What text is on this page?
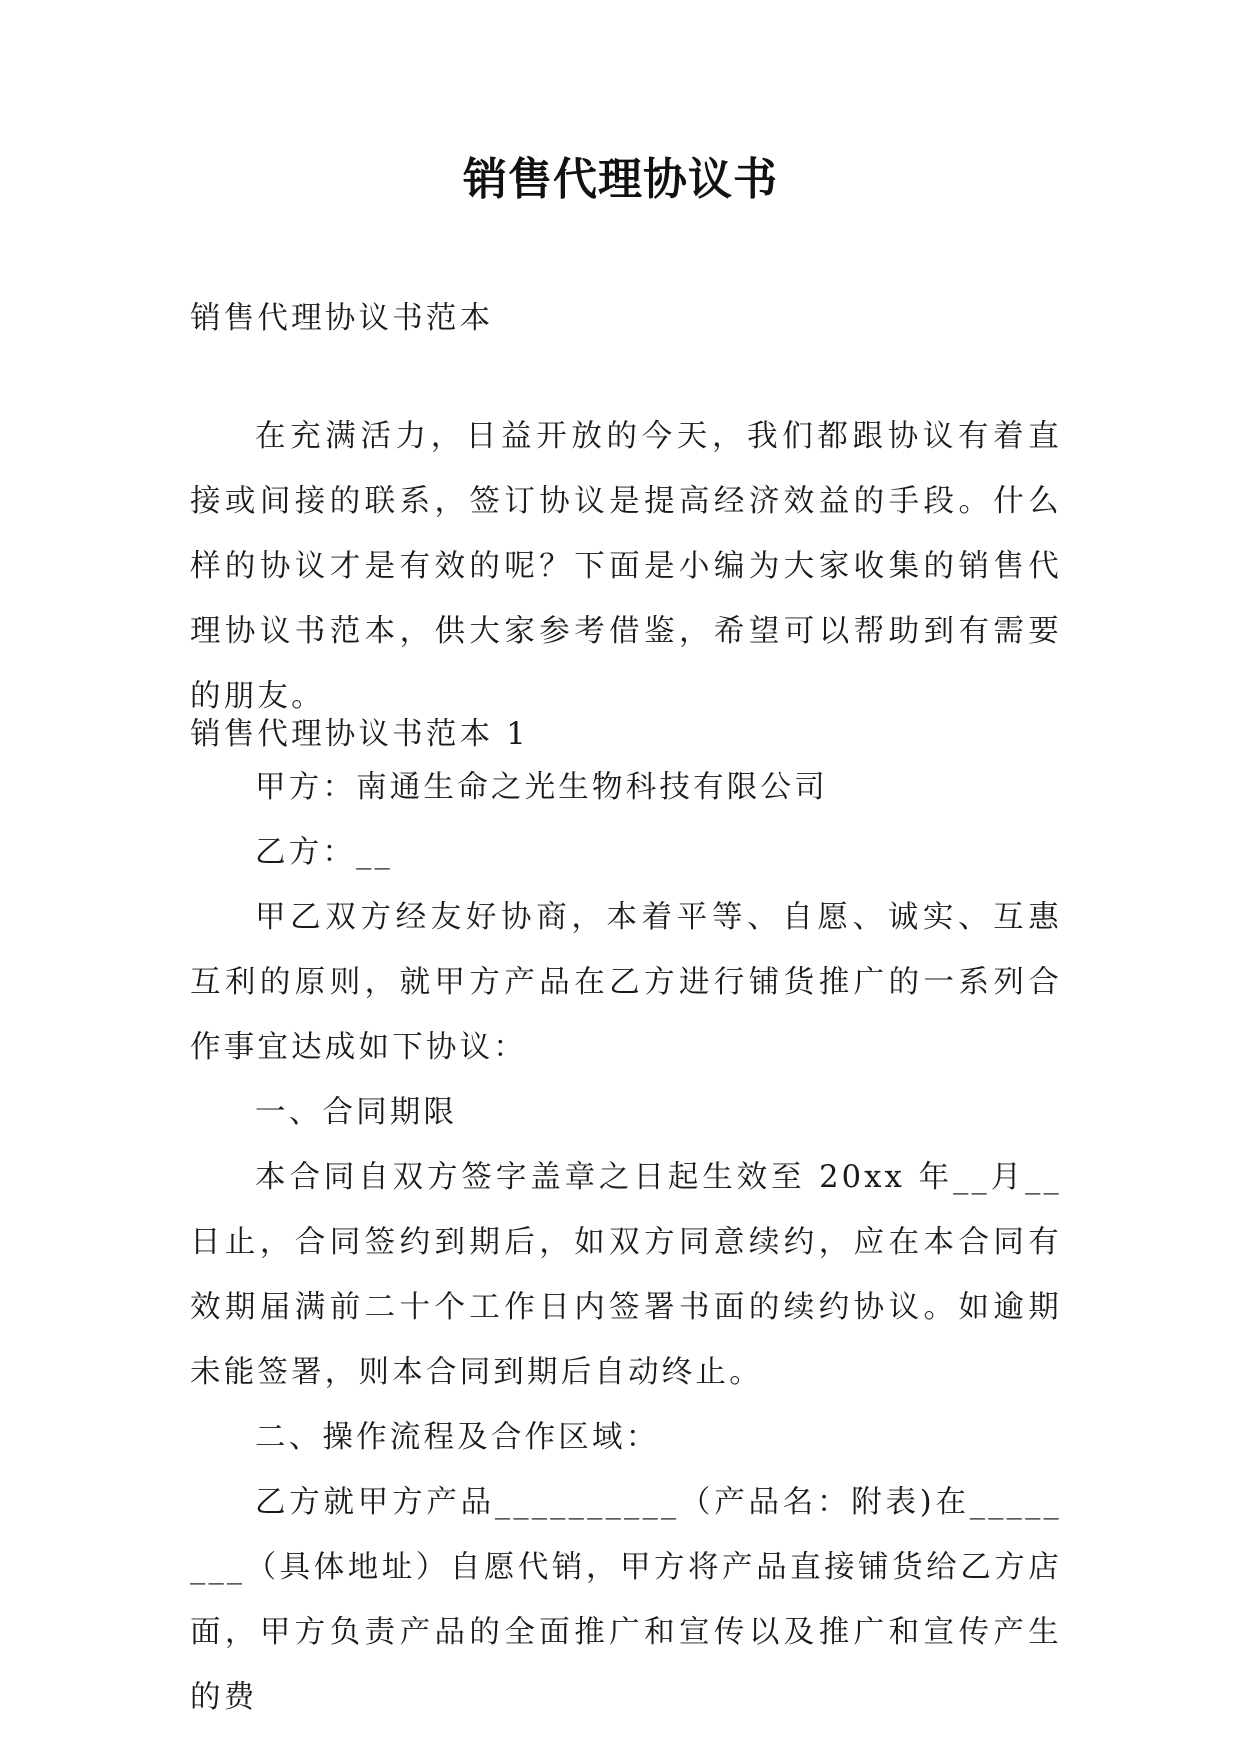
销售代理协议书
销售代理协议书范本

在充满活力，日益开放的今天，我们都跟协议有着直接或间接的联系，签订协议是提高经济效益的手段。什么样的协议才是有效的呢？下面是小编为大家收集的销售代理协议书范本，供大家参考借鉴，希望可以帮助到有需要的朋友。

销售代理协议书范本 1

甲方：南通生命之光生物科技有限公司

乙方：__

甲乙双方经友好协商，本着平等、自愿、诚实、互惠互利的原则，就甲方产品在乙方进行铺货推广的一系列合作事宜达成如下协议：

一、合同期限

本合同自双方签字盖章之日起生效至 20xx 年__月__日止，合同签约到期后，如双方同意续约，应在本合同有效期届满前二十个工作日内签署书面的续约协议。如逾期未能签署，则本合同到期后自动终止。

二、操作流程及合作区域：

乙方就甲方产品__________（产品名：附表)在________（具体地址）自愿代销，甲方将产品直接铺货给乙方店面，甲方负责产品的全面推广和宣传以及推广和宣传产生的费
